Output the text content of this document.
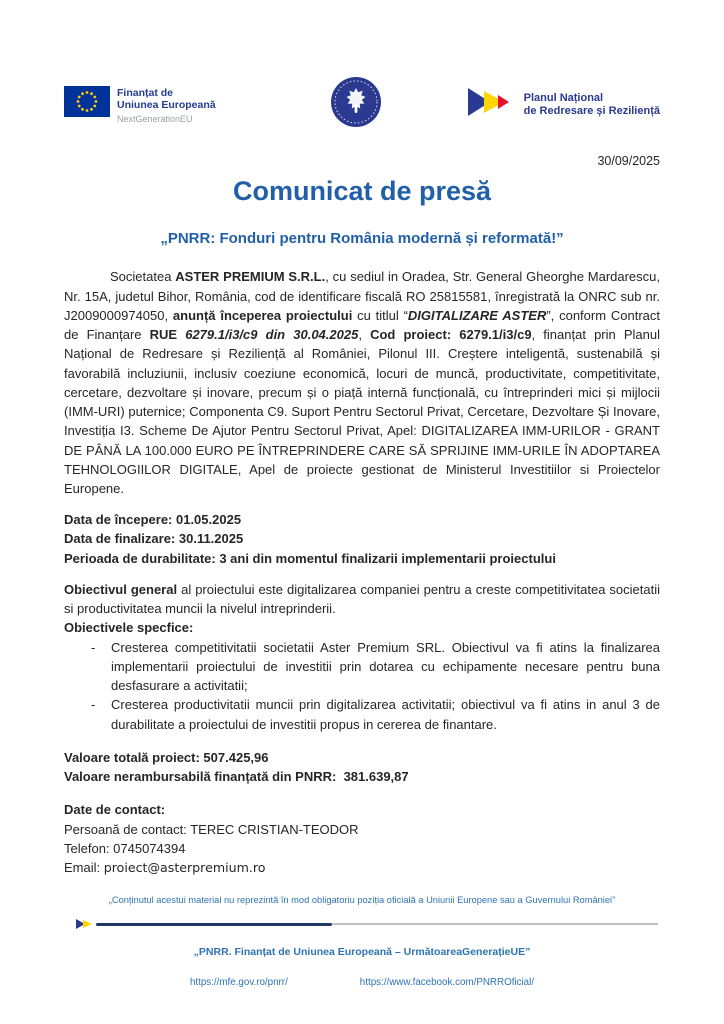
Finanțat de
Uniunea Europeană
NextGenerationEU
Planul Național
de Redresare și Reziliență
30/09/2025
Comunicat de presă
„PNRR: Fonduri pentru România modernă și reformată!”

Societatea ASTER PREMIUM S.R.L., cu sediul in Oradea, Str. General Gheorghe Mardarescu, Nr. 15A, judetul Bihor, România, cod de identificare fiscală RO 25815581, înregistrată la ONRC sub nr. J2009000974050, anunță începerea proiectului cu titlul “DIGITALIZARE ASTER”, conform Contract de Finanțare RUE 6279.1/i3/c9 din 30.04.2025, Cod proiect: 6279.1/i3/c9, finanțat prin Planul Național de Redresare și Reziliență al României, Pilonul III. Creștere inteligentă, sustenabilă și favorabilă incluziunii, inclusiv coeziune economică, locuri de muncă, productivitate, competitivitate, cercetare, dezvoltare și inovare, precum și o piață internă funcțională, cu întreprinderi mici și mijlocii (IMM-URI) puternice; Componenta C9. Suport Pentru Sectorul Privat, Cercetare, Dezvoltare Și Inovare, Investiția I3. Scheme De Ajutor Pentru Sectorul Privat, Apel: DIGITALIZAREA IMM-URILOR - GRANT DE PÂNĂ LA 100.000 EURO PE ÎNTREPRINDERE CARE SĂ SPRIJINE IMM-URILE ÎN ADOPTAREA TEHNOLOGIILOR DIGITALE, Apel de proiecte gestionat de Ministerul Investitiilor si Proiectelor Europene.

Data de începere: 01.05.2025
Data de finalizare: 30.11.2025
Perioada de durabilitate: 3 ani din momentul finalizarii implementarii proiectului
Obiectivul general al proiectului este digitalizarea companiei pentru a creste competitivitatea societatii si productivitatea muncii la nivelul intreprinderii.
Obiectivele specfice:
-	Cresterea competitivitatii societatii Aster Premium SRL. Obiectivul va fi atins la finalizarea implementarii proiectului de investitii prin dotarea cu echipamente necesare pentru buna desfasurare a activitatii;
-	Cresterea productivitatii muncii prin digitalizarea activitatii; obiectivul va fi atins in anul 3 de durabilitate a proiectului de investitii propus in cererea de finantare.
Valoare totală proiect: 507.425,96
Valoare nerambursabilă finanțată din PNRR:  381.639,87
Date de contact:
Persoană de contact: TEREC CRISTIAN-TEODOR
Telefon: 0745074394
Email: proiect@asterpremium.ro
„Conținutul acestui material nu reprezintă în mod obligatoriu poziția oficială a Uniunii Europene sau a Guvernului României”
„PNRR. Finanțat de Uniunea Europeană – UrmătoareaGenerațieUE”
https://mfe.gov.ro/pnrr/	https://www.facebook.com/PNRROficial/
